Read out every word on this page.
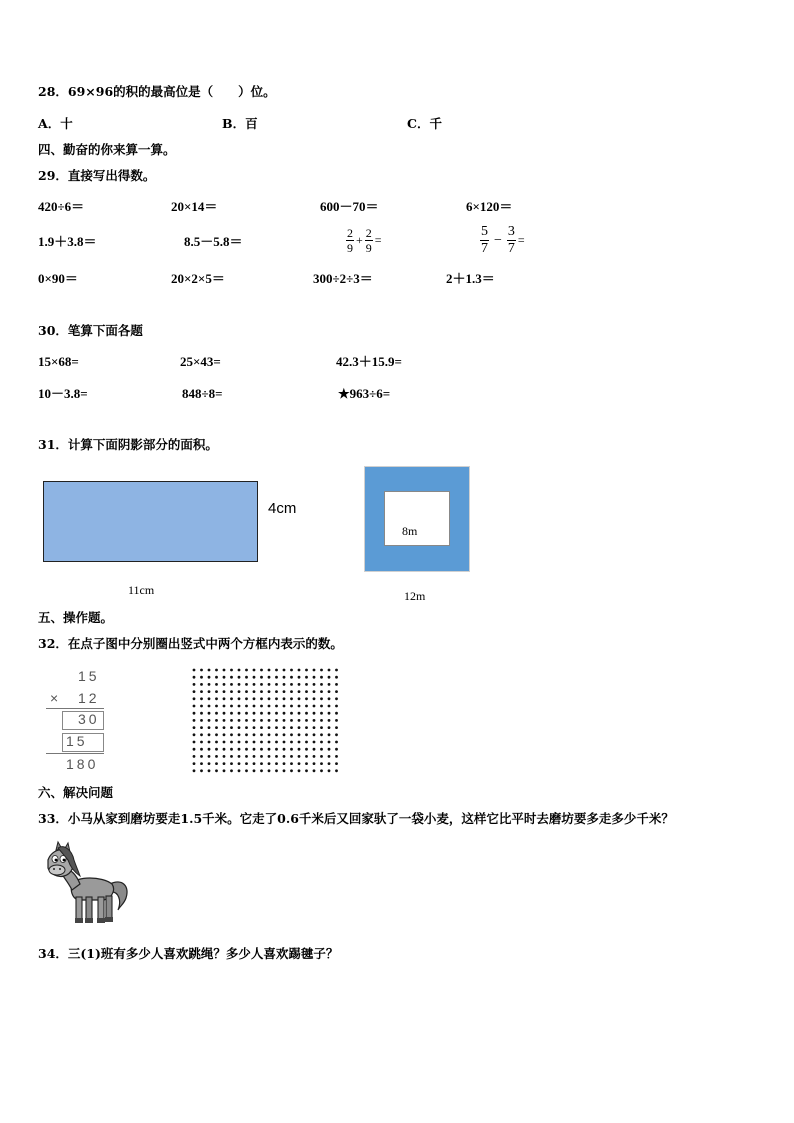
28．69×96的积的最高位是（　　）位。
A．十	B．百	C．千
四、勤奋的你来算一算。
29．直接写出得数。
420÷6＝	20×14＝	600－70＝	6×120＝
1.9＋3.8＝	8.5－5.8＝	$\frac{2}{9} + \frac{2}{9}$ =	$\frac{5}{7} - \frac{3}{7}$ =
0×90＝	20×2×5＝	300÷2÷3＝	2＋1.3＝
30．笔算下面各题
15×68=	25×43=	42.3＋15.9=
10－3.8=	848÷8=	★963÷6=
31．计算下面阴影部分的面积。
4cm
11cm
8m
12m
五、操作题。
32．在点子图中分别圈出竖式中两个方框内表示的数。
15
× 12
30
15
180
六、解决问题
33．小马从家到磨坊要走1.5千米。它走了0.6千米后又回家驮了一袋小麦，这样它比平时去磨坊要多走多少千米？
34．三(1)班有多少人喜欢跳绳？多少人喜欢踢毽子？
